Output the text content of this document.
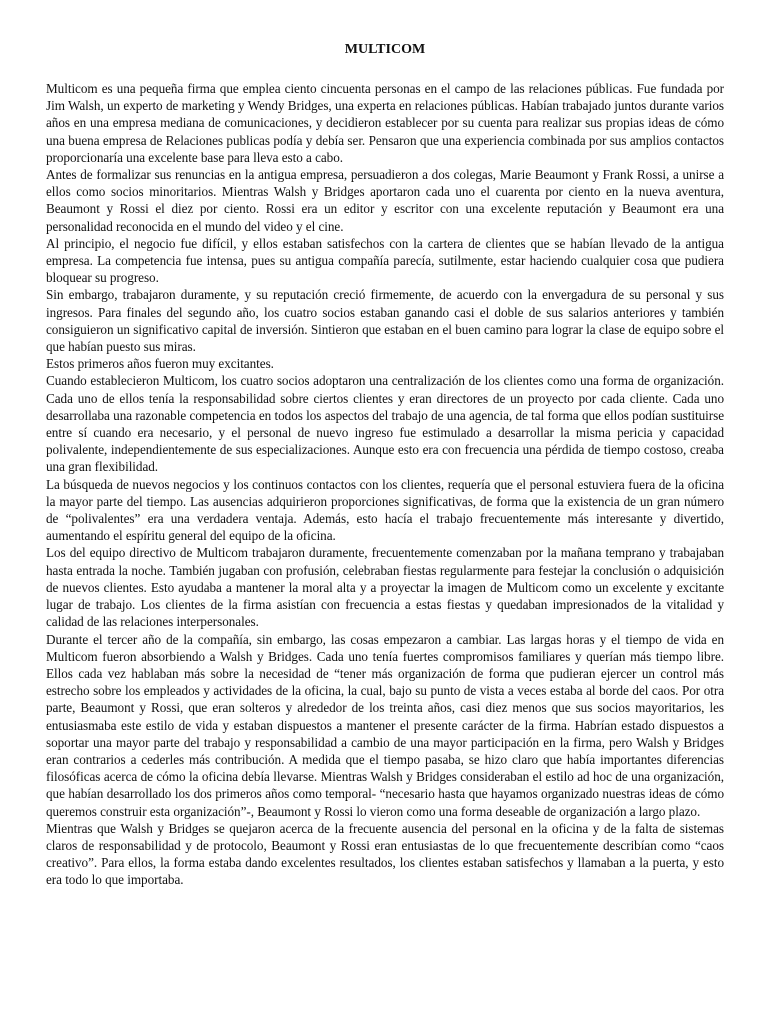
MULTICOM

Multicom es una pequeña firma que emplea ciento cincuenta personas en el campo de las relaciones públicas. Fue fundada por Jim Walsh, un experto de marketing y Wendy Bridges, una experta en relaciones públicas. Habían trabajado juntos durante varios años en una empresa mediana de comunicaciones, y decidieron establecer por su cuenta para realizar sus propias ideas de cómo una buena empresa de Relaciones publicas podía y debía ser. Pensaron que una experiencia combinada por sus amplios contactos proporcionaría una excelente base para lleva esto a cabo.

Antes de formalizar sus renuncias en la antigua empresa, persuadieron a dos colegas, Marie Beaumont y Frank Rossi, a unirse a ellos como socios minoritarios. Mientras Walsh y Bridges aportaron cada uno el cuarenta por ciento en la nueva aventura, Beaumont y Rossi el diez por ciento. Rossi era un editor y escritor con una excelente reputación y Beaumont era una personalidad reconocida en el mundo del video y el cine.

Al principio, el negocio fue difícil, y ellos estaban satisfechos con la cartera de clientes que se habían llevado de la antigua empresa. La competencia fue intensa, pues su antigua compañía parecía, sutilmente, estar haciendo cualquier cosa que pudiera bloquear su progreso.

Sin embargo, trabajaron duramente, y su reputación creció firmemente, de acuerdo con la envergadura de su personal y sus ingresos. Para finales del segundo año, los cuatro socios estaban ganando casi el doble de sus salarios anteriores y también consiguieron un significativo capital de inversión. Sintieron que estaban en el buen camino para lograr la clase de equipo sobre el que habían puesto sus miras.

Estos primeros años fueron muy excitantes.

Cuando establecieron Multicom, los cuatro socios adoptaron una centralización de los clientes como una forma de organización. Cada uno de ellos tenía la responsabilidad sobre ciertos clientes y eran directores de un proyecto por cada cliente. Cada uno desarrollaba una razonable competencia en todos los aspectos del trabajo de una agencia, de tal forma que ellos podían sustituirse entre sí cuando era necesario, y el personal de nuevo ingreso fue estimulado a desarrollar la misma pericia y capacidad polivalente, independientemente de sus especializaciones. Aunque esto era con frecuencia una pérdida de tiempo costoso, creaba una gran flexibilidad.

La búsqueda de nuevos negocios y los continuos contactos con los clientes, requería que el personal estuviera fuera de la oficina la mayor parte del tiempo. Las ausencias adquirieron proporciones significativas, de forma que la existencia de un gran número de “polivalentes” era una verdadera ventaja. Además, esto hacía el trabajo frecuentemente más interesante y divertido, aumentando el espíritu general del equipo de la oficina.

Los del equipo directivo de Multicom trabajaron duramente, frecuentemente comenzaban por la mañana temprano y trabajaban hasta entrada la noche. También jugaban con profusión, celebraban fiestas regularmente para festejar la conclusión o adquisición de nuevos clientes. Esto ayudaba a mantener la moral alta y a proyectar la imagen de Multicom como un excelente y excitante lugar de trabajo. Los clientes de la firma asistían con frecuencia a estas fiestas y quedaban impresionados de la vitalidad y calidad de las relaciones interpersonales.

Durante el tercer año de la compañía, sin embargo, las cosas empezaron a cambiar. Las largas horas y el tiempo de vida en Multicom fueron absorbiendo a Walsh y Bridges. Cada uno tenía fuertes compromisos familiares y querían más tiempo libre. Ellos cada vez hablaban más sobre la necesidad de “tener más organización de forma que pudieran ejercer un control más estrecho sobre los empleados y actividades de la oficina, la cual, bajo su punto de vista a veces estaba al borde del caos. Por otra parte, Beaumont y Rossi, que eran solteros y alrededor de los treinta años, casi diez menos que sus socios mayoritarios, les entusiasmaba este estilo de vida y estaban dispuestos a mantener el presente carácter de la firma. Habrían estado dispuestos a soportar una mayor parte del trabajo y responsabilidad a cambio de una mayor participación en la firma, pero Walsh y Bridges eran contrarios a cederles más contribución. A medida que el tiempo pasaba, se hizo claro que había importantes diferencias filosóficas acerca de cómo la oficina debía llevarse. Mientras Walsh y Bridges consideraban el estilo ad hoc de una organización, que habían desarrollado los dos primeros años como temporal- “necesario hasta que hayamos organizado nuestras ideas de cómo queremos construir esta organización”-, Beaumont y Rossi lo vieron como una forma deseable de organización a largo plazo.

Mientras que Walsh y Bridges se quejaron acerca de la frecuente ausencia del personal en la oficina y de la falta de sistemas claros de responsabilidad y de protocolo, Beaumont y Rossi eran entusiastas de lo que frecuentemente describían como “caos creativo”. Para ellos, la forma estaba dando excelentes resultados, los clientes estaban satisfechos y llamaban a la puerta, y esto era todo lo que importaba.
